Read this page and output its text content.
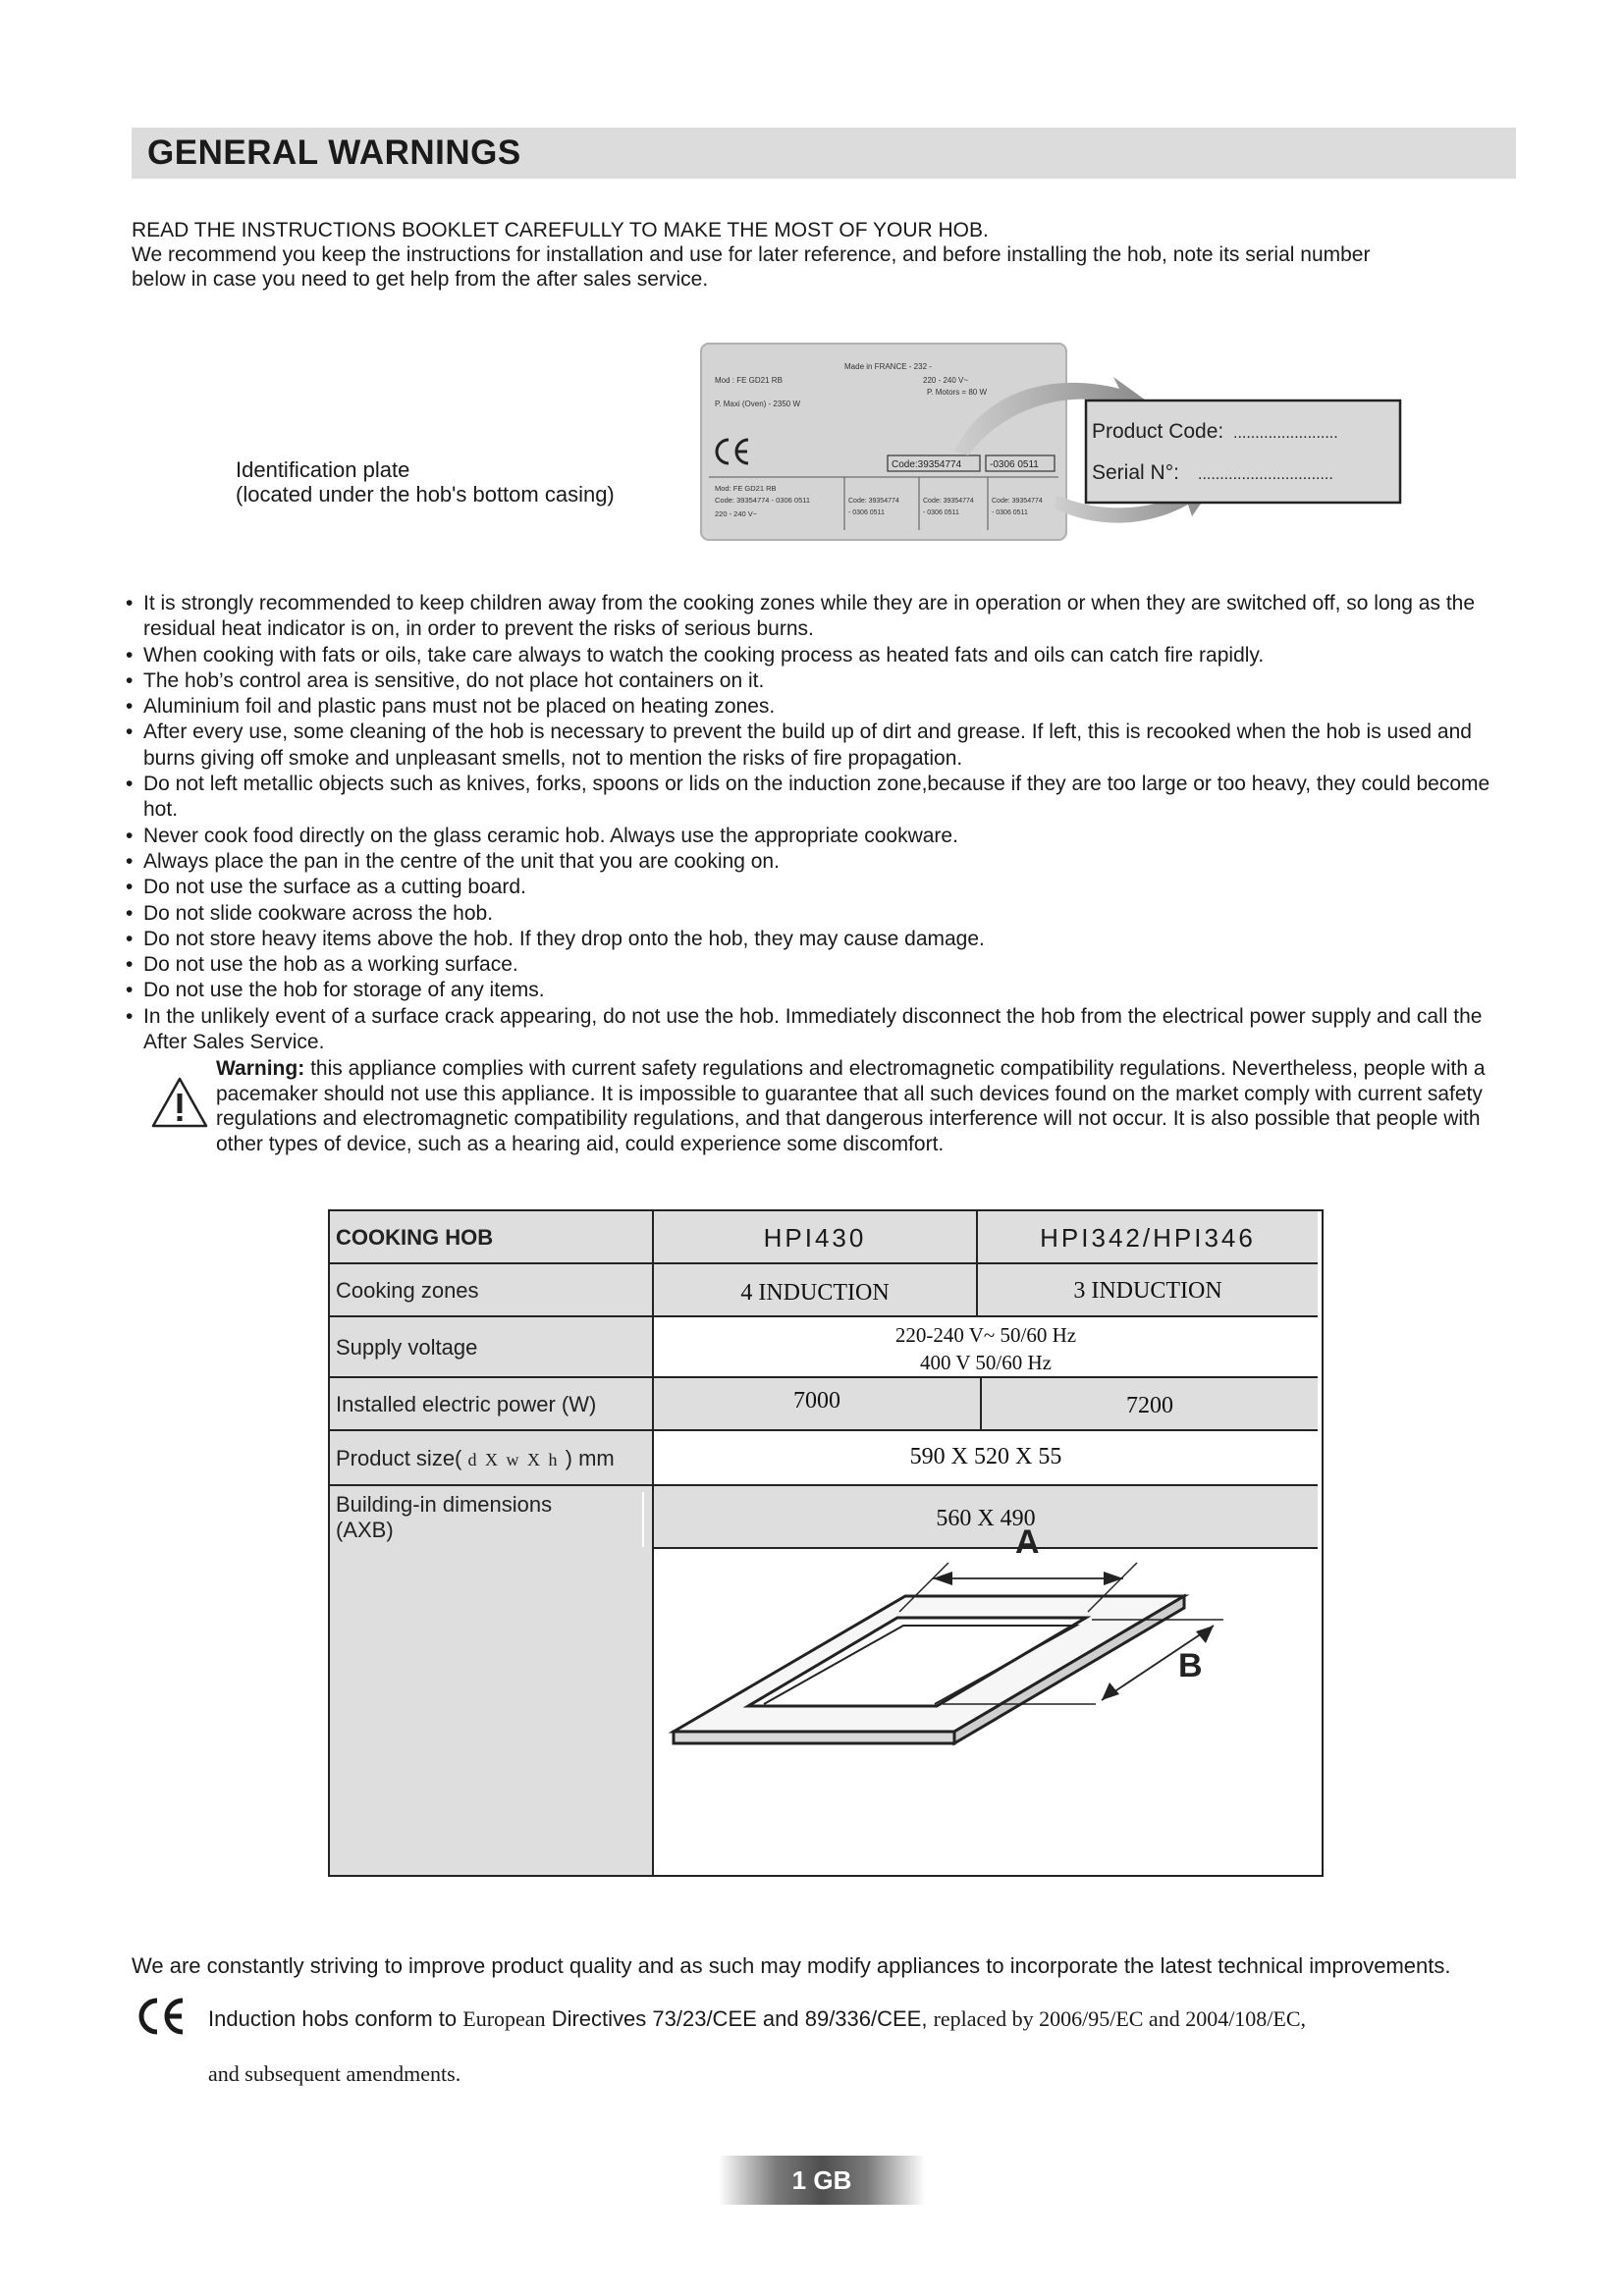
GENERAL WARNINGS

READ THE INSTRUCTIONS BOOKLET CAREFULLY TO MAKE THE MOST OF YOUR HOB.

We recommend you keep the instructions for installation and use for later reference, and before installing the hob, note its serial number

below in case you need to get help from the after sales service.

Identification plate

(located under the hob's bottom casing)

Made in FRANCE - 232 -
220 - 240 V~
P. Motors = 80 W
Mod : FE GD21 RB
P. Maxi (Oven) - 2350 W
Code:39354774	-0306 0511
Mod: FE GD21 RB
Code: 39354774 - 0306 0511
220 - 240 V~
Code: 39354774
- 0306 0511
Code: 39354774
- 0306 0511
Code: 39354774
- 0306 0511
Product Code: ........................
Serial N°: ...............................
• It is strongly recommended to keep children away from the cooking zones while they are in operation or when they are switched off, so long as the residual heat indicator is on, in order to prevent the risks of serious burns.
• When cooking with fats or oils, take care always to watch the cooking process as heated fats and oils can catch fire rapidly.
• The hob’s control area is sensitive, do not place hot containers on it.
• Aluminium foil and plastic pans must not be placed on heating zones.
• After every use, some cleaning of the hob is necessary to prevent the build up of dirt and grease. If left, this is recooked when the hob is used and burns giving off smoke and unpleasant smells, not to mention the risks of fire propagation.
• Do not left metallic objects such as knives, forks, spoons or lids on the induction zone,because if they are too large or too heavy, they could become hot.
• Never cook food directly on the glass ceramic hob. Always use the appropriate cookware.
• Always place the pan in the centre of the unit that you are cooking on.
• Do not use the surface as a cutting board.
• Do not slide cookware across the hob.
• Do not store heavy items above the hob. If they drop onto the hob, they may cause damage.
• Do not use the hob as a working surface.
• Do not use the hob for storage of any items.
• In the unlikely event of a surface crack appearing, do not use the hob. Immediately disconnect the hob from the electrical power supply and call the After Sales Service.

Warning: this appliance complies with current safety regulations and electromagnetic compatibility regulations. Nevertheless, people with a pacemaker should not use this appliance. It is impossible to guarantee that all such devices found on the market comply with current safety regulations and electromagnetic compatibility regulations, and that dangerous interference will not occur. It is also possible that people with other types of device, such as a hearing aid, could experience some discomfort.

COOKING HOB	HPI430	HPI342/HPI346
Cooking zones	4 INDUCTION	3 INDUCTION
Supply voltage	220-240 V~ 50/60 Hz
400 V 50/60 Hz
Installed electric power (W)	7000	7200
Product size( d X w X h ) mm	590 X 520 X 55
Building-in dimensions
(AXB)	560 X 490
A
B
We are constantly striving to improve product quality and as such may modify appliances to incorporate the latest technical improvements.
Induction hobs conform to European Directives 73/23/CEE and 89/336/CEE, replaced by 2006/95/EC and 2004/108/EC,
and subsequent amendments.
1 GB
